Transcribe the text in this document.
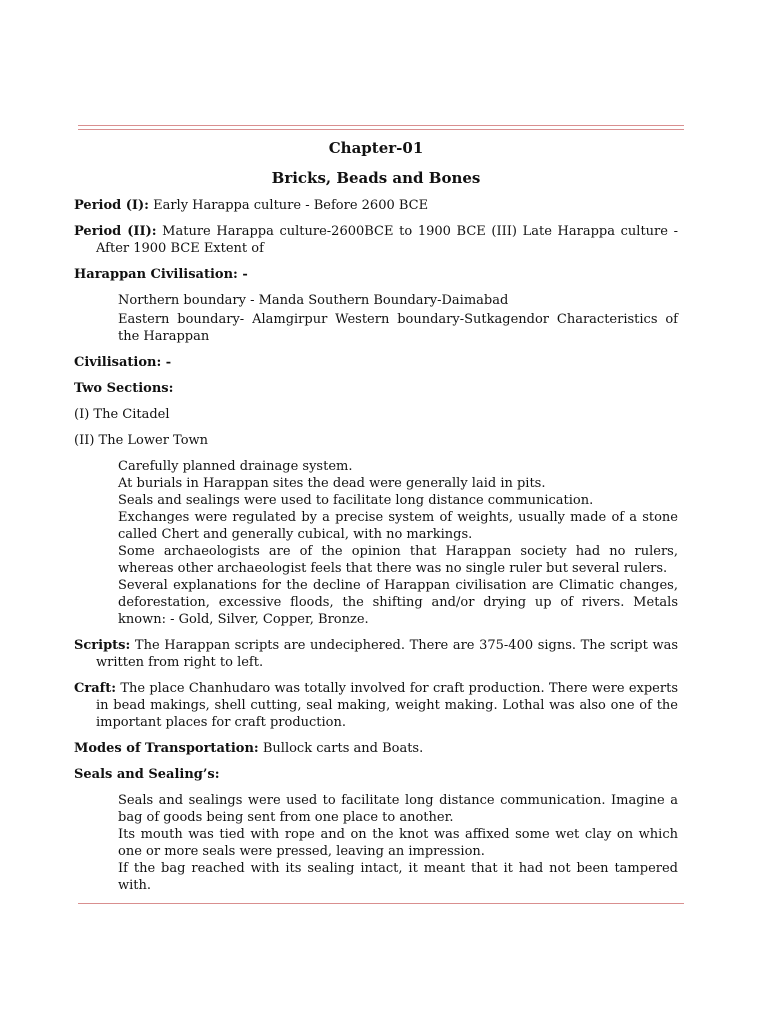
Chapter-01
Bricks, Beads and Bones
Period (I): Early Harappa culture - Before 2600 BCE
Period (II): Mature Harappa culture-2600BCE to 1900 BCE (III) Late Harappa culture - After 1900 BCE Extent of
Harappan Civilisation: -
Northern boundary - Manda Southern Boundary-Daimabad
Eastern boundary- Alamgirpur Western boundary-Sutkagendor Characteristics of the Harappan
Civilisation: -
Two Sections:
(I) The Citadel
(II) The Lower Town
Carefully planned drainage system.
At burials in Harappan sites the dead were generally laid in pits.
Seals and sealings were used to facilitate long distance communication.
Exchanges were regulated by a precise system of weights, usually made of a stone called Chert and generally cubical, with no markings.
Some archaeologists are of the opinion that Harappan society had no rulers, whereas other archaeologist feels that there was no single ruler but several rulers.
Several explanations for the decline of Harappan civilisation are Climatic changes, deforestation, excessive floods, the shifting and/or drying up of rivers. Metals known: - Gold, Silver, Copper, Bronze.
Scripts: The Harappan scripts are undeciphered. There are 375-400 signs. The script was written from right to left.
Craft: The place Chanhudaro was totally involved for craft production. There were experts in bead makings, shell cutting, seal making, weight making. Lothal was also one of the important places for craft production.
Modes of Transportation: Bullock carts and Boats.
Seals and Sealing’s:
Seals and sealings were used to facilitate long distance communication. Imagine a bag of goods being sent from one place to another.
Its mouth was tied with rope and on the knot was affixed some wet clay on which one or more seals were pressed, leaving an impression.
If the bag reached with its sealing intact, it meant that it had not been tampered with.
